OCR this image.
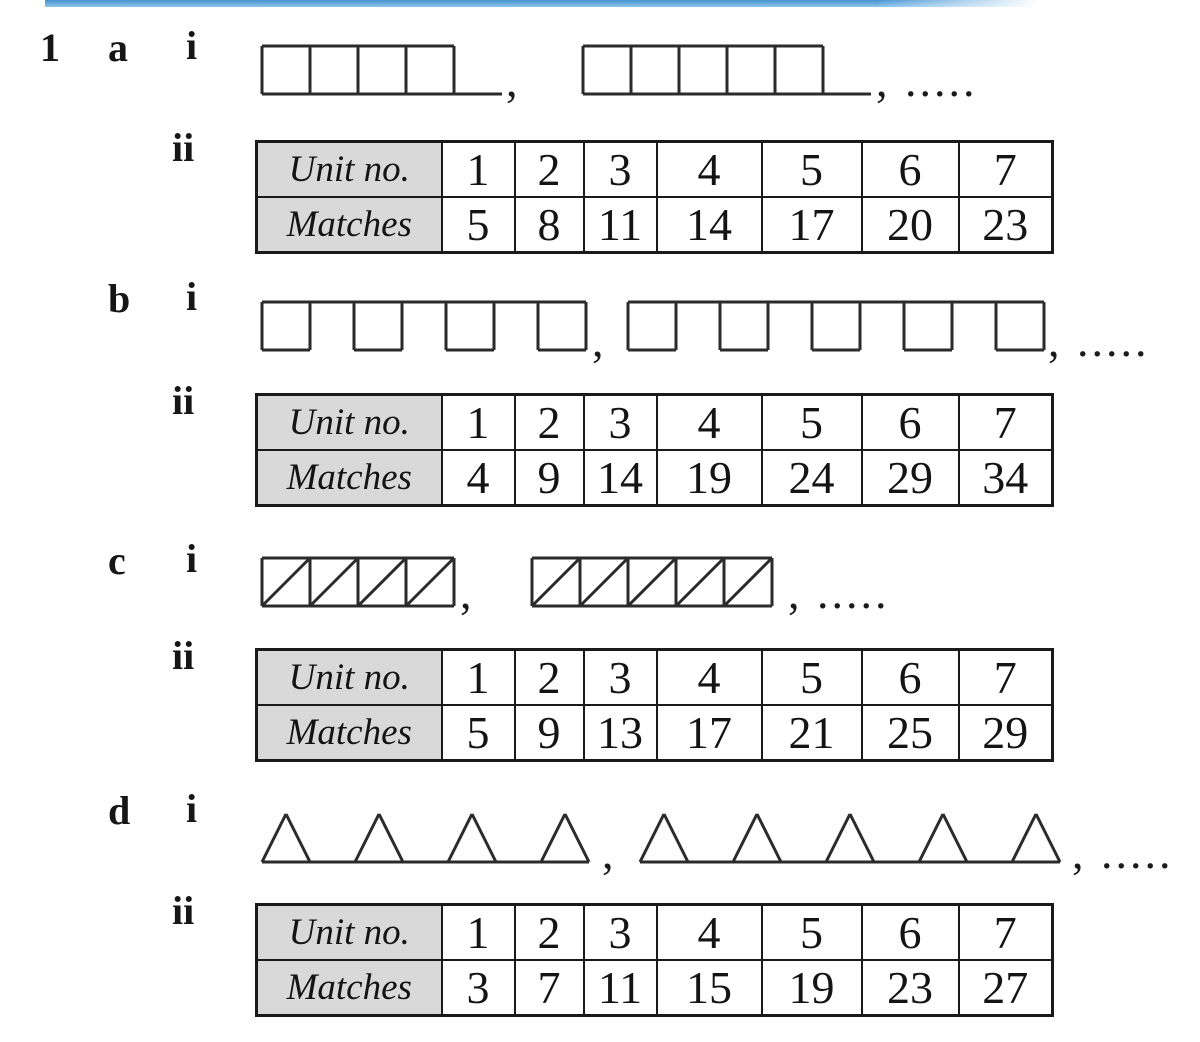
1 a i
,	, .....
ii	Unit no.	1	2	3	4	5	6	7
Matches	5	8	11	14	17	20	23
b i
,	, .....
ii	Unit no.	1	2	3	4	5	6	7
Matches	4	9	14	19	24	29	34
c i
,	, .....
ii	Unit no.	1	2	3	4	5	6	7
Matches	5	9	13	17	21	25	29
d i
,	, .....
ii	Unit no.	1	2	3	4	5	6	7
Matches	3	7	11	15	19	23	27
